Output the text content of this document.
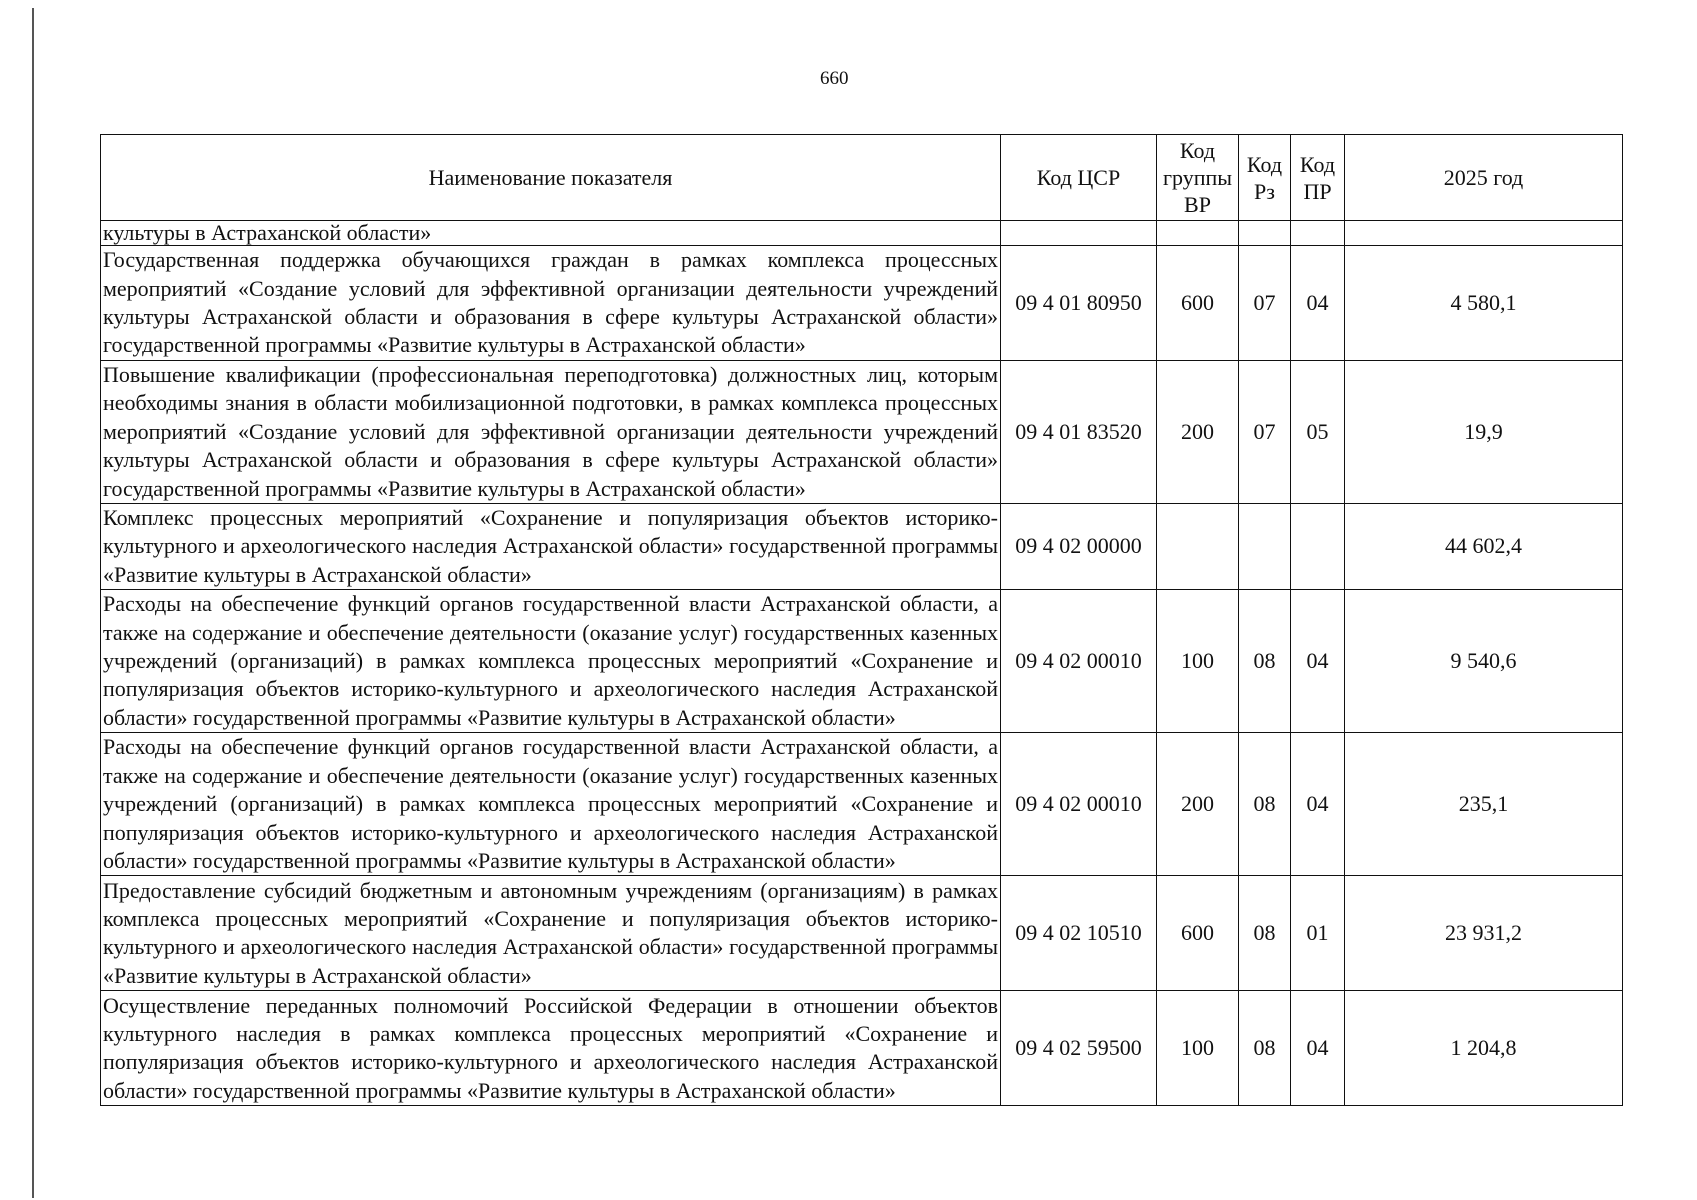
660
Наименование показателя	Код ЦСР	Код группы ВР	Код Рз	Код ПР	2025 год
культуры в Астраханской области»					
Государственная поддержка обучающихся граждан в рамках комплекса процессных мероприятий «Создание условий для эффективной организации деятельности учреждений культуры Астраханской области и образования в сфере культуры Астраханской области» государственной программы «Развитие культуры в Астраханской области»	09 4 01 80950	600	07	04	4 580,1
Повышение квалификации (профессиональная переподготовка) должностных лиц, которым необходимы знания в области мобилизационной подготовки, в рамках комплекса процессных мероприятий «Создание условий для эффективной организации деятельности учреждений культуры Астраханской области и образования в сфере культуры Астраханской области» государственной программы «Развитие культуры в Астраханской области»	09 4 01 83520	200	07	05	19,9
Комплекс процессных мероприятий «Сохранение и популяризация объектов историко-культурного и археологического наследия Астраханской области» государственной программы «Развитие культуры в Астраханской области»	09 4 02 00000				44 602,4
Расходы на обеспечение функций органов государственной власти Астраханской области, а также на содержание и обеспечение деятельности (оказание услуг) государственных казенных учреждений (организаций) в рамках комплекса процессных мероприятий «Сохранение и популяризация объектов историко-культурного и археологического наследия Астраханской области» государственной программы «Развитие культуры в Астраханской области»	09 4 02 00010	100	08	04	9 540,6
Расходы на обеспечение функций органов государственной власти Астраханской области, а также на содержание и обеспечение деятельности (оказание услуг) государственных казенных учреждений (организаций) в рамках комплекса процессных мероприятий «Сохранение и популяризация объектов историко-культурного и археологического наследия Астраханской области» государственной программы «Развитие культуры в Астраханской области»	09 4 02 00010	200	08	04	235,1
Предоставление субсидий бюджетным и автономным учреждениям (организациям) в рамках комплекса процессных мероприятий «Сохранение и популяризация объектов историко-культурного и археологического наследия Астраханской области» государственной программы «Развитие культуры в Астраханской области»	09 4 02 10510	600	08	01	23 931,2
Осуществление переданных полномочий Российской Федерации в отношении объектов культурного наследия в рамках комплекса процессных мероприятий «Сохранение и популяризация объектов историко-культурного и археологического наследия Астраханской области» государственной программы «Развитие культуры в Астраханской области»	09 4 02 59500	100	08	04	1 204,8
